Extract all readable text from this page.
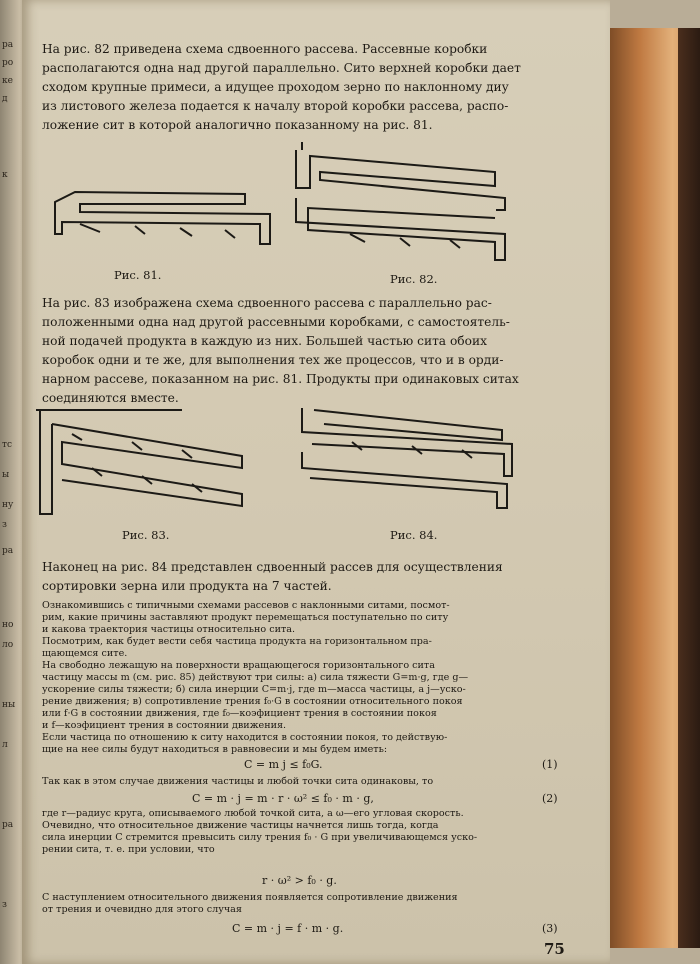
ра
po
ке
д
к
тс
ы
ну
з
ра
но
ло
ны
л
ра
з
На рис. 82 приведена схема сдвоенного рассева. Рассевные коробки
располагаются одна над другой параллельно. Сито верхней коробки дает
сходом крупные примеси, а идущее проходом зерно по наклонному диу
из листового железа подается к началу второй коробки рассева, распо-
ложение сит в которой аналогично показанному на рис. 81.
Рис. 81.	Рис. 82.
На рис. 83 изображена схема сдвоенного рассева с параллельно рас-
положенными одна над другой рассевными коробками, с самостоятель-
ной подачей продукта в каждую из них. Большей частью сита обоих
коробок одни и те же, для выполнения тех же процессов, что и в орди-
нарном рассеве, показанном на рис. 81. Продукты при одинаковых ситах
соединяются вместе.
Рис. 83.	Рис. 84.
Наконец на рис. 84 представлен сдвоенный рассев для осуществления
сортировки зерна или продукта на 7 частей.
Ознакомившись с типичными схемами рассевов с наклонными ситами, посмот-
рим, какие причины заставляют продукт перемещаться поступательно по ситу
и какова траектория частицы относительно сита.
Посмотрим, как будет вести себя частица продукта на горизонтальном пра-
щающемся сите.
На свободно лежащую на поверхности вращающегося горизонтального сита
частицу массы m (см. рис. 85) действуют три силы: а) сила тяжести G=m·g, где g—
ускорение силы тяжести; б) сила инерции C=m·j, где m—масса частицы, а j—уско-
рение движения; в) сопротивление трения f₀·G в состоянии относительного покоя
или f·G в состоянии движения, где f₀—коэфициент трения в состоянии покоя
и f—коэфициент трения в состоянии движения.
Если частица по отношению к ситу находится в состоянии покоя, то действую-
щие на нее силы будут находиться в равновесии и мы будем иметь:
C = m j ≤ f₀G.	(1)
Так как в этом случае движения частицы и любой точки сита одинаковы, то
C = m · j = m · r · ω² ≤ f₀ · m · g,	(2)
где r—радиус круга, описываемого любой точкой сита, а ω—его угловая скорость.
Очевидно, что относительное движение частицы начнется лишь тогда, когда
сила инерции C стремится превысить силу трения f₀ · G при увеличивающемся уско-
рении сита, т. е. при условии, что
r · ω² > f₀ · g.
С наступлением относительного движения появляется сопротивление движения
от трения и очевидно для этого случая
C = m · j = f · m · g.	(3)
75
